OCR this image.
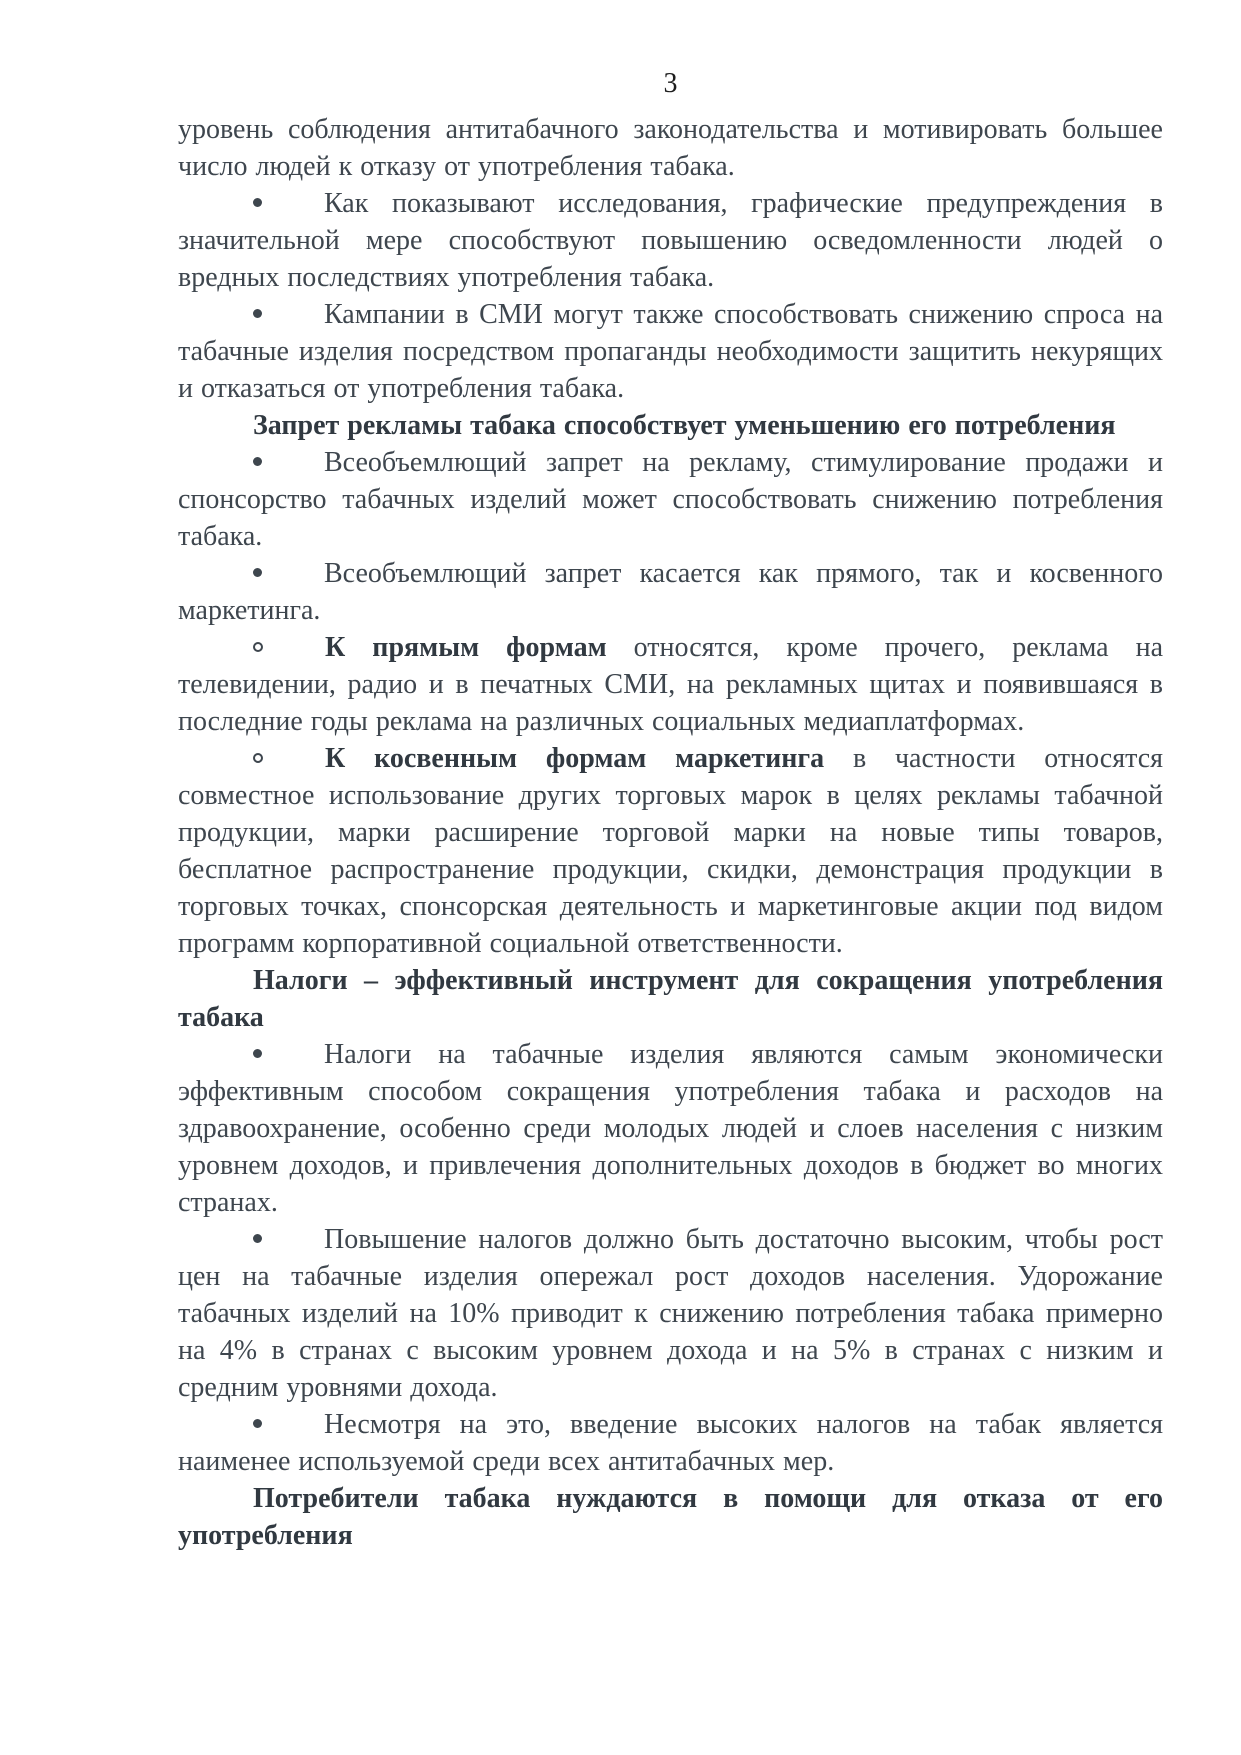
3

уровень соблюдения антитабачного законодательства и мотивировать большее число людей к отказу от употребления табака.

Как показывают исследования, графические предупреждения в значительной мере способствуют повышению осведомленности людей о вредных последствиях употребления табака.

Кампании в СМИ могут также способствовать снижению спроса на табачные изделия посредством пропаганды необходимости защитить некурящих и отказаться от употребления табака.

Запрет рекламы табака способствует уменьшению его потребления

Всеобъемлющий запрет на рекламу, стимулирование продажи и спонсорство табачных изделий может способствовать снижению потребления табака.

Всеобъемлющий запрет касается как прямого, так и косвенного маркетинга.

К прямым формам относятся, кроме прочего, реклама на телевидении, радио и в печатных СМИ, на рекламных щитах и появившаяся в последние годы реклама на различных социальных медиаплатформах.

К косвенным формам маркетинга в частности относятся совместное использование других торговых марок в целях рекламы табачной продукции, марки расширение торговой марки на новые типы товаров, бесплатное распространение продукции, скидки, демонстрация продукции в торговых точках, спонсорская деятельность и маркетинговые акции под видом программ корпоративной социальной ответственности.

Налоги – эффективный инструмент для сокращения употребления табака

Налоги на табачные изделия являются самым экономически эффективным способом сокращения употребления табака и расходов на здравоохранение, особенно среди молодых людей и слоев населения с низким уровнем доходов, и привлечения дополнительных доходов в бюджет во многих странах.

Повышение налогов должно быть достаточно высоким, чтобы рост цен на табачные изделия опережал рост доходов населения. Удорожание табачных изделий на 10% приводит к снижению потребления табака примерно на 4% в странах с высоким уровнем дохода и на 5% в странах с низким и средним уровнями дохода.

Несмотря на это, введение высоких налогов на табак является наименее используемой среди всех антитабачных мер.

Потребители табака нуждаются в помощи для отказа от его употребления
